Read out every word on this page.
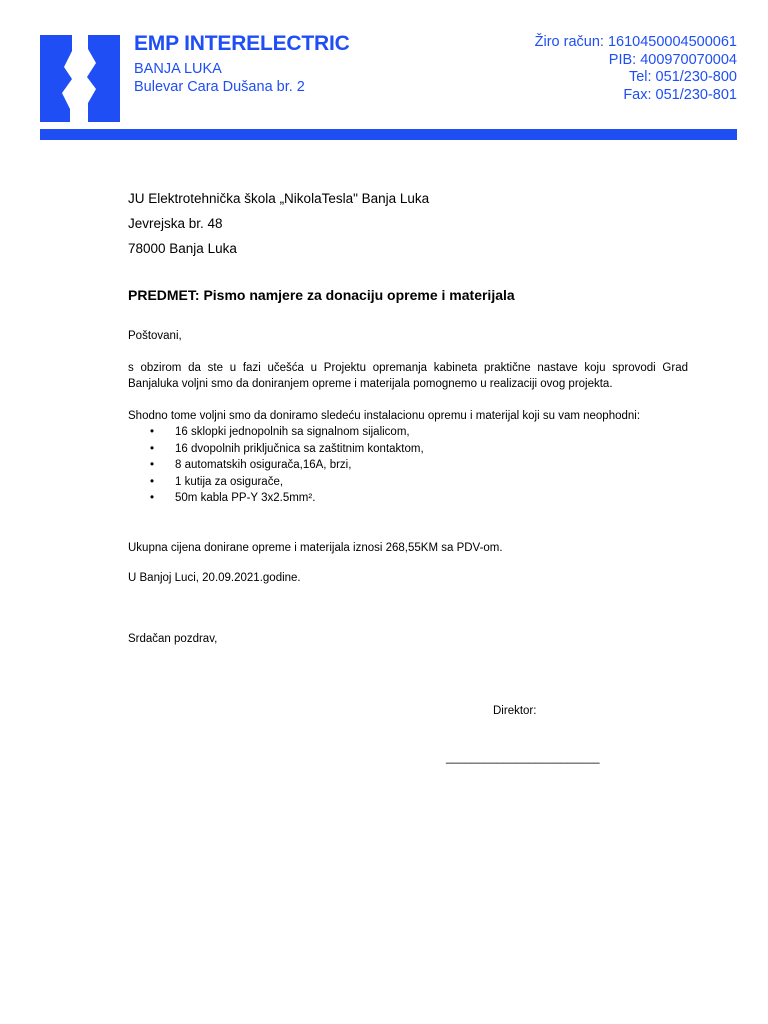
EMP INTERELECTRIC
BANJA LUKA
Bulevar Cara Dušana br. 2
Žiro račun: 1610450004500061
PIB: 400970070004
Tel: 051/230-800
Fax: 051/230-801
JU Elektrotehnička škola „NikolaTesla" Banja Luka
Jevrejska br. 48
78000 Banja Luka
PREDMET: Pismo namjere za donaciju opreme i materijala
Poštovani,
s obzirom da ste u fazi učešća u Projektu opremanja kabineta praktične nastave koju sprovodi Grad Banjaluka voljni smo da doniranjem opreme i materijala pomognemo u realizaciji ovog projekta.
Shodno tome voljni smo da doniramo sledeću instalacionu opremu i materijal koji su vam neophodni:
• 16 sklopki jednopolnih sa signalnom sijalicom,
• 16 dvopolnih priključnica sa zaštitnim kontaktom,
• 8 automatskih osigurača,16A, brzi,
• 1 kutija za osigurače,
• 50m kabla PP-Y 3x2.5mm².
Ukupna cijena donirane opreme i materijala iznosi 268,55KM sa PDV-om.
U Banjoj Luci, 20.09.2021.godine.
Srdačan pozdrav,
Direktor:
________________________
